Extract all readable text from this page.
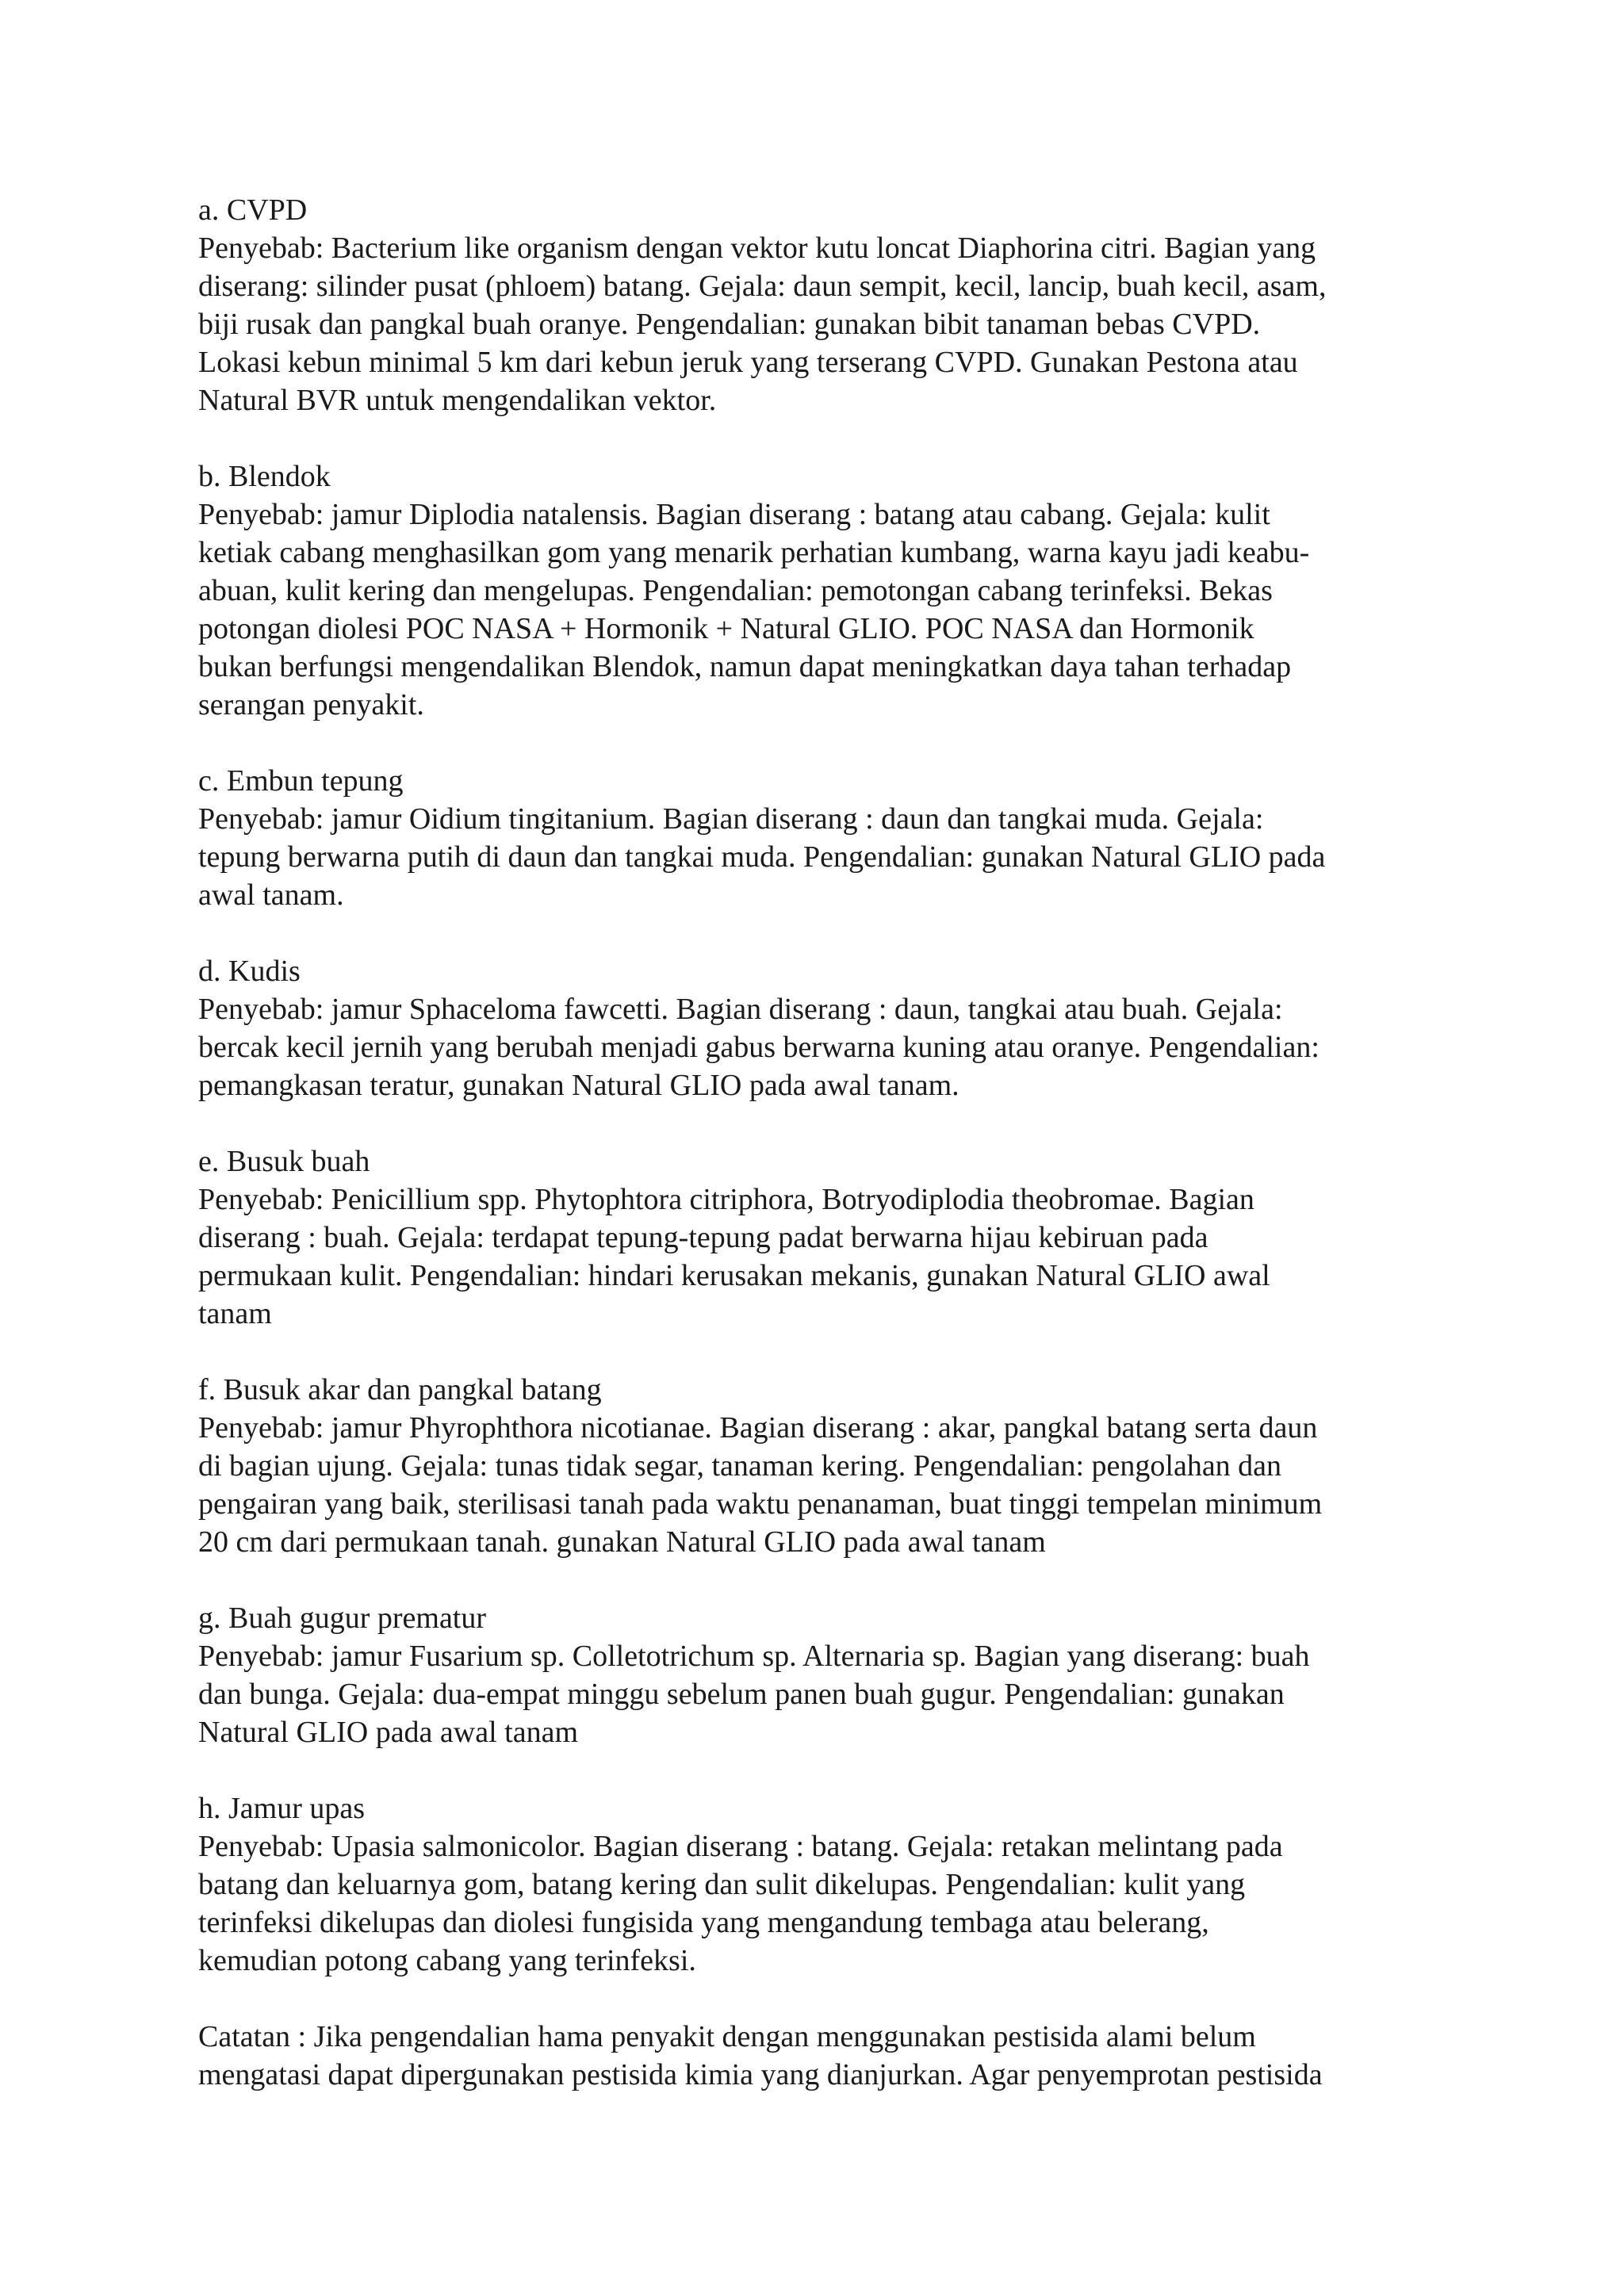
a. CVPD
Penyebab: Bacterium like organism dengan vektor kutu loncat Diaphorina citri. Bagian yang
diserang: silinder pusat (phloem) batang. Gejala: daun sempit, kecil, lancip, buah kecil, asam,
biji rusak dan pangkal buah oranye. Pengendalian: gunakan bibit tanaman bebas CVPD.
Lokasi kebun minimal 5 km dari kebun jeruk yang terserang CVPD. Gunakan Pestona atau
Natural BVR untuk mengendalikan vektor.
b. Blendok
Penyebab: jamur Diplodia natalensis. Bagian diserang : batang atau cabang. Gejala: kulit
ketiak cabang menghasilkan gom yang menarik perhatian kumbang, warna kayu jadi keabu-
abuan, kulit kering dan mengelupas. Pengendalian: pemotongan cabang terinfeksi. Bekas
potongan diolesi POC NASA + Hormonik + Natural GLIO. POC NASA dan Hormonik
bukan berfungsi mengendalikan Blendok, namun dapat meningkatkan daya tahan terhadap
serangan penyakit.
c. Embun tepung
Penyebab: jamur Oidium tingitanium. Bagian diserang : daun dan tangkai muda. Gejala:
tepung berwarna putih di daun dan tangkai muda. Pengendalian: gunakan Natural GLIO pada
awal tanam.
d. Kudis
Penyebab: jamur Sphaceloma fawcetti. Bagian diserang : daun, tangkai atau buah. Gejala:
bercak kecil jernih yang berubah menjadi gabus berwarna kuning atau oranye. Pengendalian:
pemangkasan teratur, gunakan Natural GLIO pada awal tanam.
e. Busuk buah
Penyebab: Penicillium spp. Phytophtora citriphora, Botryodiplodia theobromae. Bagian
diserang : buah. Gejala: terdapat tepung-tepung padat berwarna hijau kebiruan pada
permukaan kulit. Pengendalian: hindari kerusakan mekanis, gunakan Natural GLIO awal
tanam
f. Busuk akar dan pangkal batang
Penyebab: jamur Phyrophthora nicotianae. Bagian diserang : akar, pangkal batang serta daun
di bagian ujung. Gejala: tunas tidak segar, tanaman kering. Pengendalian: pengolahan dan
pengairan yang baik, sterilisasi tanah pada waktu penanaman, buat tinggi tempelan minimum
20 cm dari permukaan tanah. gunakan Natural GLIO pada awal tanam
g. Buah gugur prematur
Penyebab: jamur Fusarium sp. Colletotrichum sp. Alternaria sp. Bagian yang diserang: buah
dan bunga. Gejala: dua-empat minggu sebelum panen buah gugur. Pengendalian: gunakan
Natural GLIO pada awal tanam
h. Jamur upas
Penyebab: Upasia salmonicolor. Bagian diserang : batang. Gejala: retakan melintang pada
batang dan keluarnya gom, batang kering dan sulit dikelupas. Pengendalian: kulit yang
terinfeksi dikelupas dan diolesi fungisida yang mengandung tembaga atau belerang,
kemudian potong cabang yang terinfeksi.
Catatan : Jika pengendalian hama penyakit dengan menggunakan pestisida alami belum
mengatasi dapat dipergunakan pestisida kimia yang dianjurkan. Agar penyemprotan pestisida
